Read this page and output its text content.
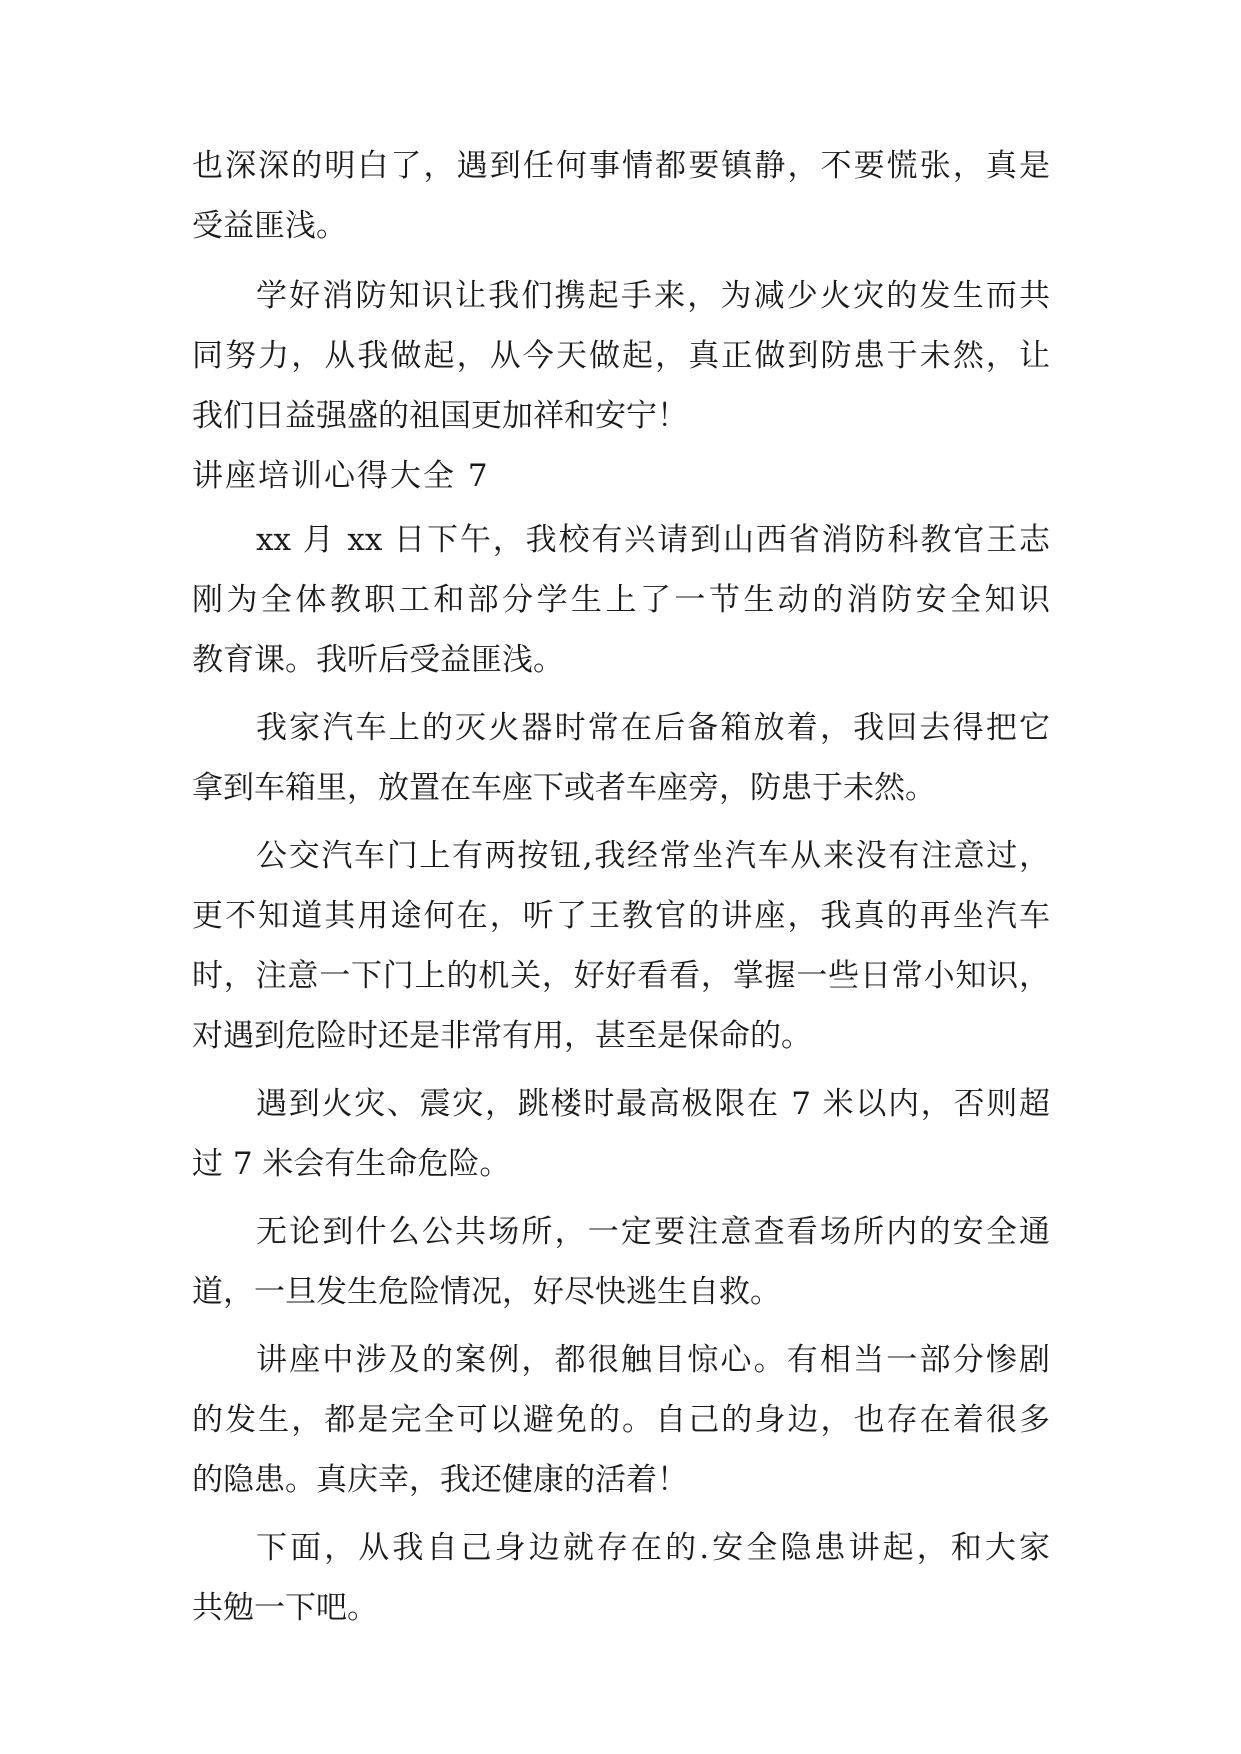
也深深的明白了，遇到任何事情都要镇静，不要慌张，真是
受益匪浅。
学好消防知识让我们携起手来，为减少火灾的发生而共
同努力，从我做起，从今天做起，真正做到防患于未然，让
我们日益强盛的祖国更加祥和安宁！
讲座培训心得大全 7
xx 月 xx 日下午，我校有兴请到山西省消防科教官王志
刚为全体教职工和部分学生上了一节生动的消防安全知识
教育课。我听后受益匪浅。
我家汽车上的灭火器时常在后备箱放着，我回去得把它
拿到车箱里，放置在车座下或者车座旁，防患于未然。
公交汽车门上有两按钮,我经常坐汽车从来没有注意过，
更不知道其用途何在，听了王教官的讲座，我真的再坐汽车
时，注意一下门上的机关，好好看看，掌握一些日常小知识，
对遇到危险时还是非常有用，甚至是保命的。
遇到火灾、震灾，跳楼时最高极限在 7 米以内，否则超
过 7 米会有生命危险。
无论到什么公共场所，一定要注意查看场所内的安全通
道，一旦发生危险情况，好尽快逃生自救。
讲座中涉及的案例，都很触目惊心。有相当一部分惨剧
的发生，都是完全可以避免的。自己的身边，也存在着很多
的隐患。真庆幸，我还健康的活着！
下面，从我自己身边就存在的.安全隐患讲起，和大家
共勉一下吧。
